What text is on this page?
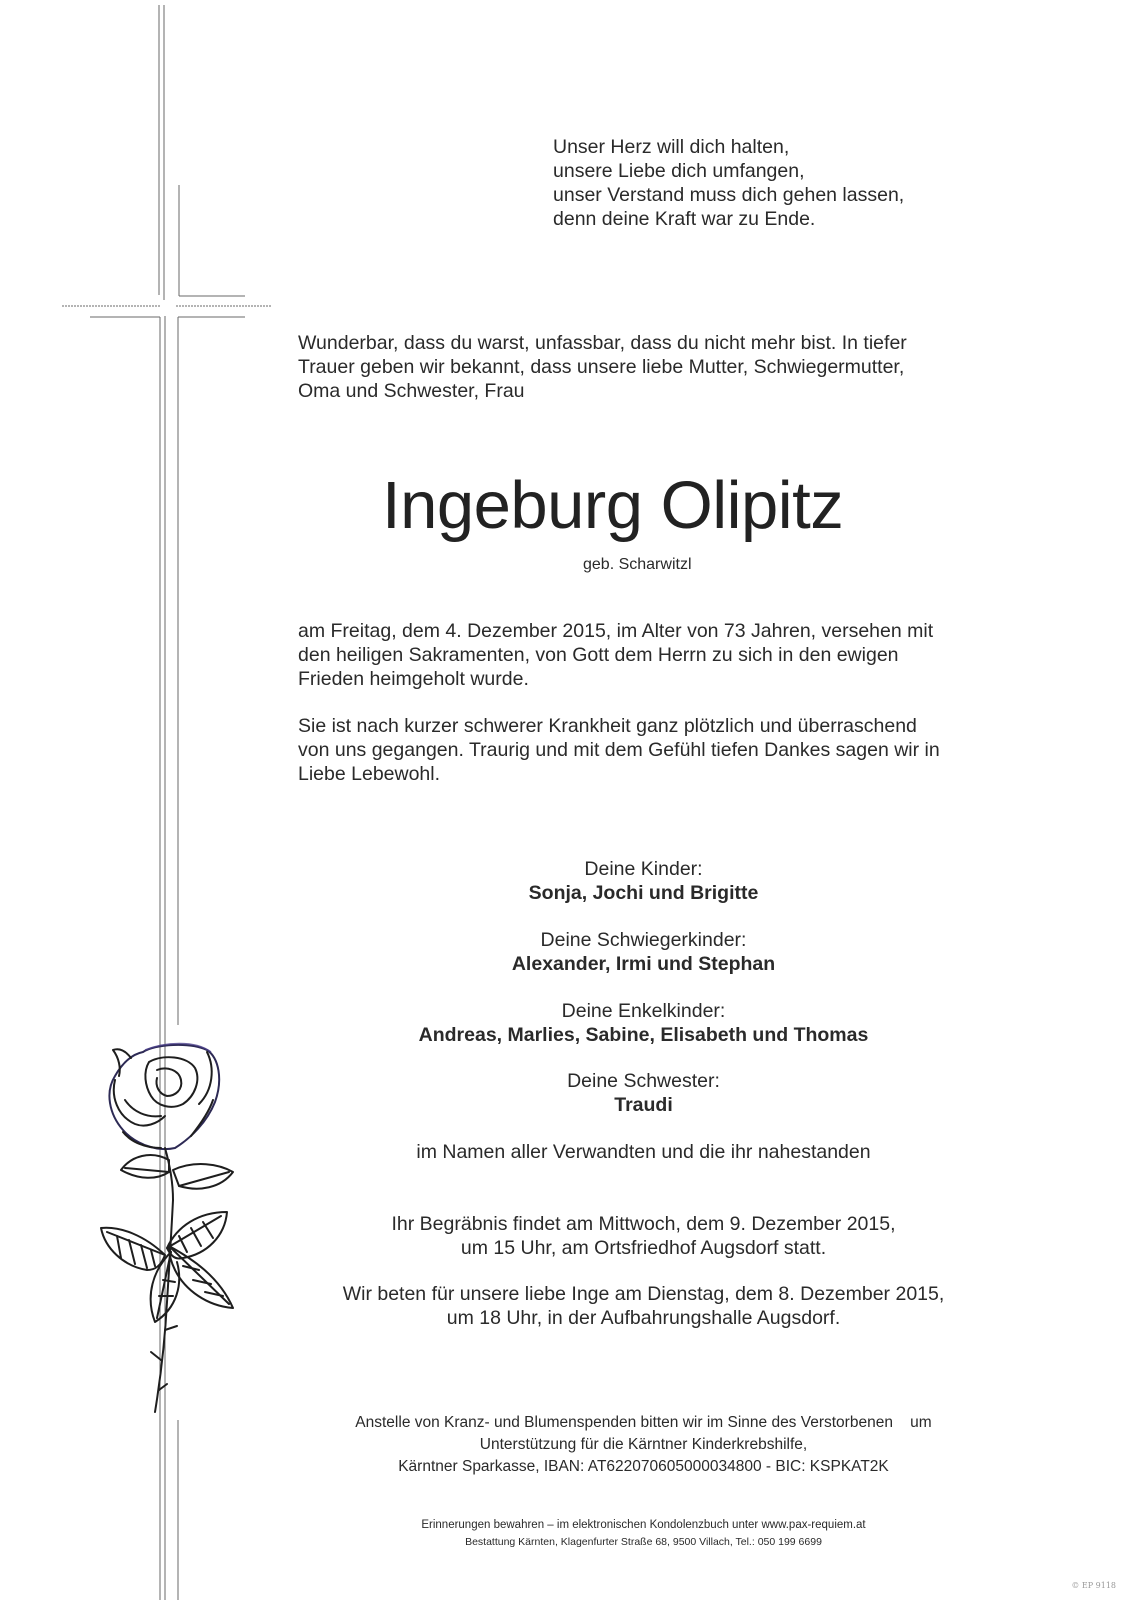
Unser Herz will dich halten,
unsere Liebe dich umfangen,
unser Verstand muss dich gehen lassen,
denn deine Kraft war zu Ende.
Wunderbar, dass du warst, unfassbar, dass du nicht mehr bist. In tiefer
Trauer geben wir bekannt, dass unsere liebe Mutter, Schwiegermutter,
Oma und Schwester, Frau
Ingeburg Olipitz
geb. Scharwitzl
am Freitag, dem 4. Dezember 2015, im Alter von 73 Jahren, versehen mit
den heiligen Sakramenten, von Gott dem Herrn zu sich in den ewigen
Frieden heimgeholt wurde.
Sie ist nach kurzer schwerer Krankheit ganz plötzlich und überraschend
von uns gegangen. Traurig und mit dem Gefühl tiefen Dankes sagen wir in
Liebe Lebewohl.
Deine Kinder:
Sonja, Jochi und Brigitte
Deine Schwiegerkinder:
Alexander, Irmi und Stephan
Deine Enkelkinder:
Andreas, Marlies, Sabine, Elisabeth und Thomas
Deine Schwester:
Traudi
im Namen aller Verwandten und die ihr nahestanden
Ihr Begräbnis findet am Mittwoch, dem 9. Dezember 2015,
um 15 Uhr, am Ortsfriedhof Augsdorf statt.
Wir beten für unsere liebe Inge am Dienstag, dem 8. Dezember 2015,
um 18 Uhr, in der Aufbahrungshalle Augsdorf.
Anstelle von Kranz- und Blumenspenden bitten wir im Sinne des Verstorbenen    um
Unterstützung für die Kärntner Kinderkrebshilfe,
Kärntner Sparkasse, IBAN: AT622070605000034800 - BIC: KSPKAT2K
Erinnerungen bewahren – im elektronischen Kondolenzbuch unter www.pax-requiem.at
Bestattung Kärnten, Klagenfurter Straße 68, 9500 Villach, Tel.: 050 199 6699
© EP 9118
